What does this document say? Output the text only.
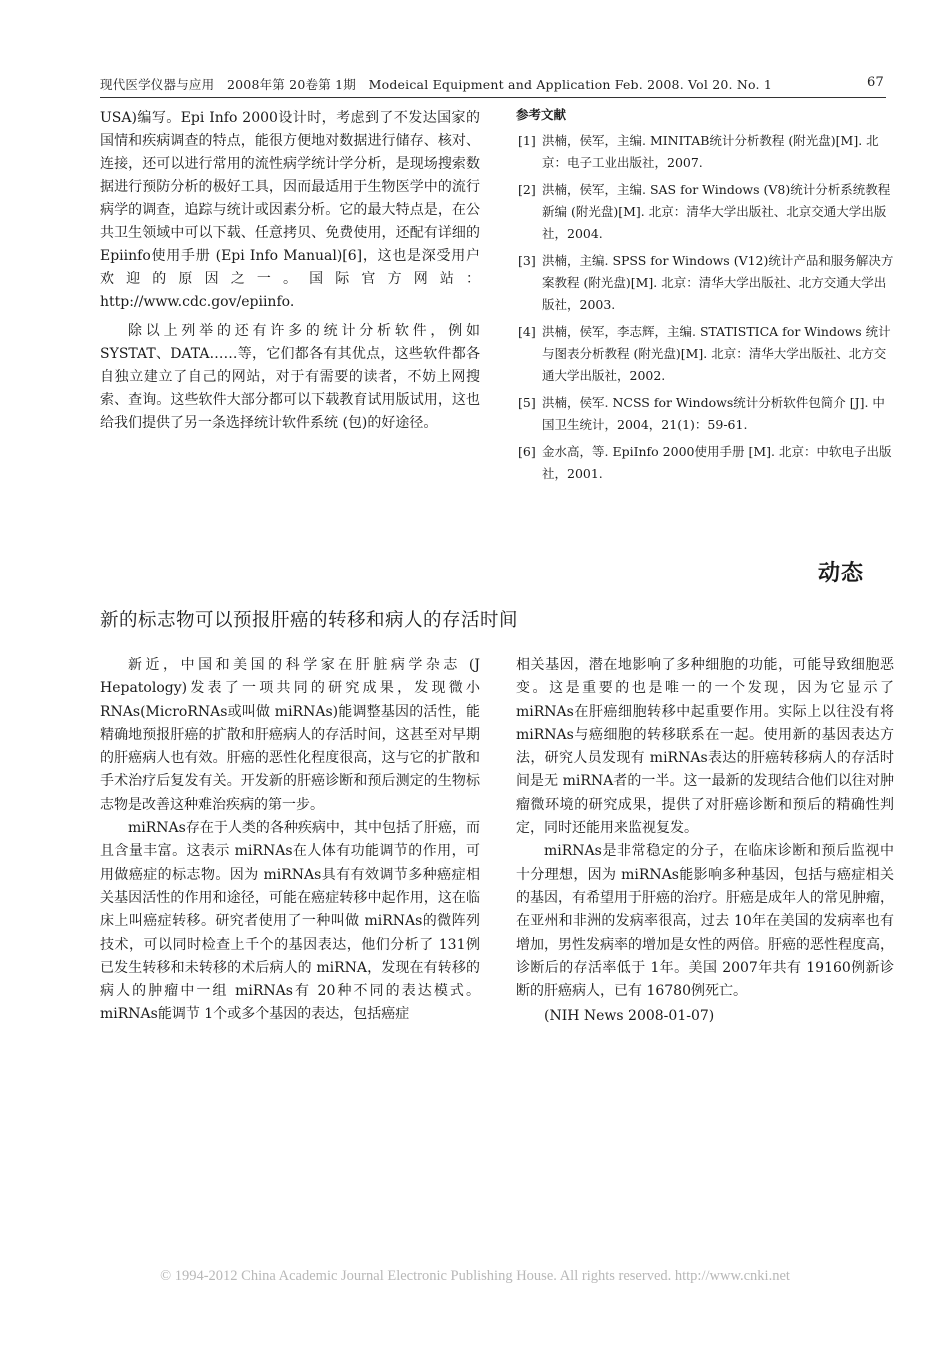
现代医学仪器与应用　2008年第 20卷第 1期　Modeical Equipment and Application Feb. 2008. Vol 20. No. 1	67

USA)编写。Epi Info 2000设计时，考虑到了不发达国家的国情和疾病调查的特点，能很方便地对数据进行储存、核对、连接，还可以进行常用的流性病学统计学分析，是现场搜索数据进行预防分析的极好工具，因而最适用于生物医学中的流行病学的调查，追踪与统计或因素分析。它的最大特点是，在公共卫生领域中可以下载、任意拷贝、免费使用，还配有详细的 Epiinfo使用手册 (Epi Info Manual)[6]，这也是深受用户欢迎的原因之一。国际官方网站：http://www.cdc.gov/epiinfo.

除以上列举的还有许多的统计分析软件，例如 SYSTAT、DATA……等，它们都各有其优点，这些软件都各自独立建立了自己的网站，对于有需要的读者，不妨上网搜索、查询。这些软件大部分都可以下载教育试用版试用，这也给我们提供了另一条选择统计软件系统 (包)的好途径。

参考文献
[1] 洪楠，侯军，主编. MINITAB统计分析教程 (附光盘)[M]. 北京：电子工业出版社，2007.
[2] 洪楠，侯军，主编. SAS for Windows (V8)统计分析系统教程新编 (附光盘)[M]. 北京：清华大学出版社、北京交通大学出版社，2004.
[3] 洪楠，主编. SPSS for Windows (V12)统计产品和服务解决方案教程 (附光盘)[M]. 北京：清华大学出版社、北方交通大学出版社，2003.
[4] 洪楠，侯军，李志辉，主编. STATISTICA for Windows 统计与图表分析教程 (附光盘)[M]. 北京：清华大学出版社、北方交通大学出版社，2002.
[5] 洪楠，侯军. NCSS for Windows统计分析软件包简介 [J]. 中国卫生统计，2004，21(1)：59-61.
[6] 金水高，等. EpiInfo 2000使用手册 [M]. 北京：中软电子出版社，2001.
动态
新的标志物可以预报肝癌的转移和病人的存活时间

新近，中国和美国的科学家在肝脏病学杂志 (J Hepatology)发表了一项共同的研究成果，发现微小RNAs(MicroRNAs或叫做 miRNAs)能调整基因的活性，能精确地预报肝癌的扩散和肝癌病人的存活时间，这甚至对早期的肝癌病人也有效。肝癌的恶性化程度很高，这与它的扩散和手术治疗后复发有关。开发新的肝癌诊断和预后测定的生物标志物是改善这种难治疾病的第一步。

miRNAs存在于人类的各种疾病中，其中包括了肝癌，而且含量丰富。这表示 miRNAs在人体有功能调节的作用，可用做癌症的标志物。因为 miRNAs具有有效调节多种癌症相关基因活性的作用和途径，可能在癌症转移中起作用，这在临床上叫癌症转移。研究者使用了一种叫做 miRNAs的微阵列技术，可以同时检查上千个的基因表达，他们分析了 131例已发生转移和未转移的术后病人的 miRNA，发现在有转移的病人的肿瘤中一组 miRNAs有 20种不同的表达模式。miRNAs能调节 1个或多个基因的表达，包括癌症

相关基因，潜在地影响了多种细胞的功能，可能导致细胞恶变。这是重要的也是唯一的一个发现，因为它显示了 miRNAs在肝癌细胞转移中起重要作用。实际上以往没有将 miRNAs与癌细胞的转移联系在一起。使用新的基因表达方法，研究人员发现有 miRNAs表达的肝癌转移病人的存活时间是无 miRNA者的一半。这一最新的发现结合他们以往对肿瘤微环境的研究成果，提供了对肝癌诊断和预后的精确性判定，同时还能用来监视复发。

miRNAs是非常稳定的分子，在临床诊断和预后监视中十分理想，因为 miRNAs能影响多种基因，包括与癌症相关的基因，有希望用于肝癌的治疗。肝癌是成年人的常见肿瘤，在亚州和非洲的发病率很高，过去 10年在美国的发病率也有增加，男性发病率的增加是女性的两倍。肝癌的恶性程度高，诊断后的存活率低于 1年。美国 2007年共有 19160例新诊断的肝癌病人，已有 16780例死亡。

(NIH News 2008-01-07)

© 1994-2012 China Academic Journal Electronic Publishing House. All rights reserved. http://www.cnki.net
